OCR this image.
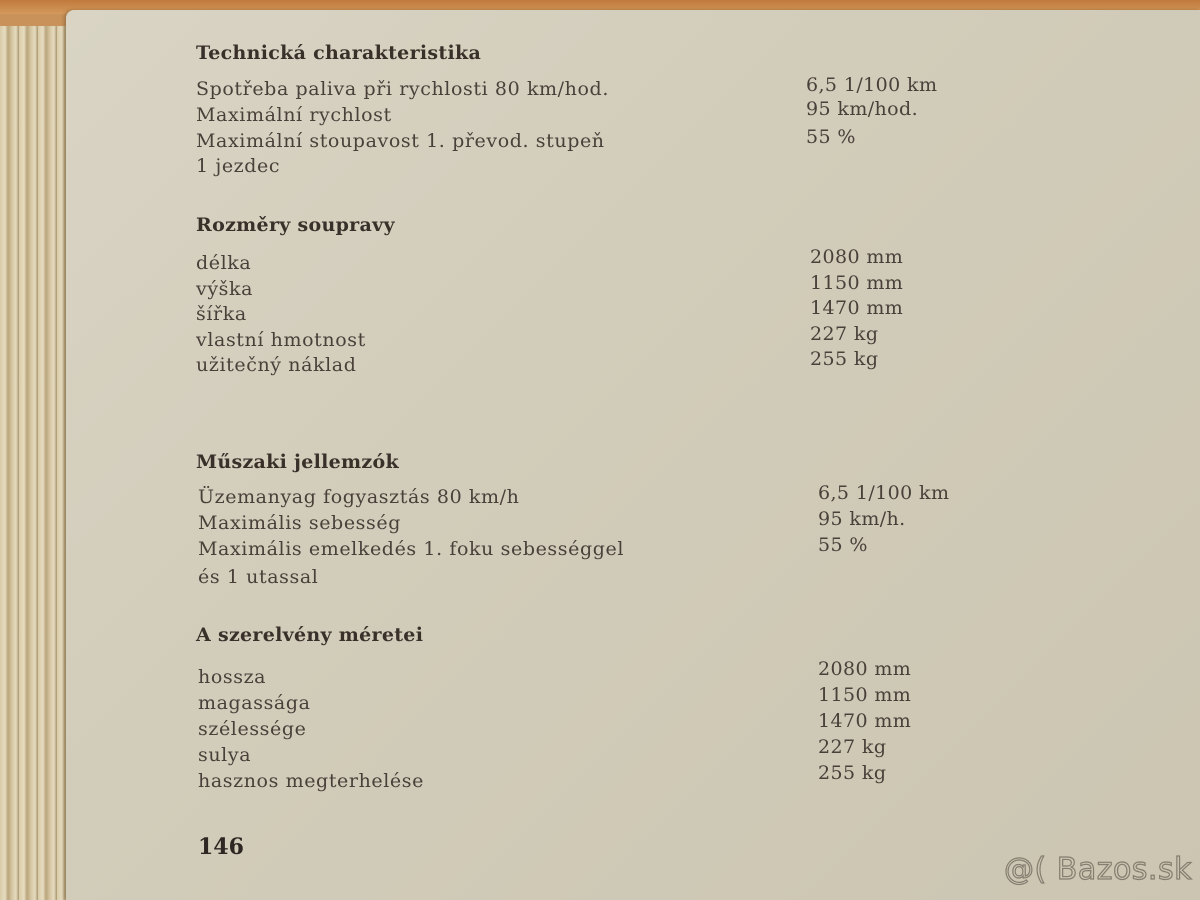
Technická charakteristika
Spotřeba paliva při rychlosti 80 km/hod.	6,5 1/100 km
Maximální rychlost	95 km/hod.
Maximální stoupavost 1. převod. stupeň	55 %
1 jezdec
Rozměry soupravy
délka	2080 mm
výška	1150 mm
šířka	1470 mm
vlastní hmotnost	227 kg
užitečný náklad	255 kg
Műszaki jellemzók
Üzemanyag fogyasztás 80 km/h	6,5 1/100 km
Maximális sebesség	95 km/h.
Maximális emelkedés 1. foku sebességgel	55 %
és 1 utassal
A szerelvény méretei
hossza	2080 mm
magassága	1150 mm
szélessége	1470 mm
sulya	227 kg
hasznos megterhelése	255 kg
146
@( Bazos.sk
